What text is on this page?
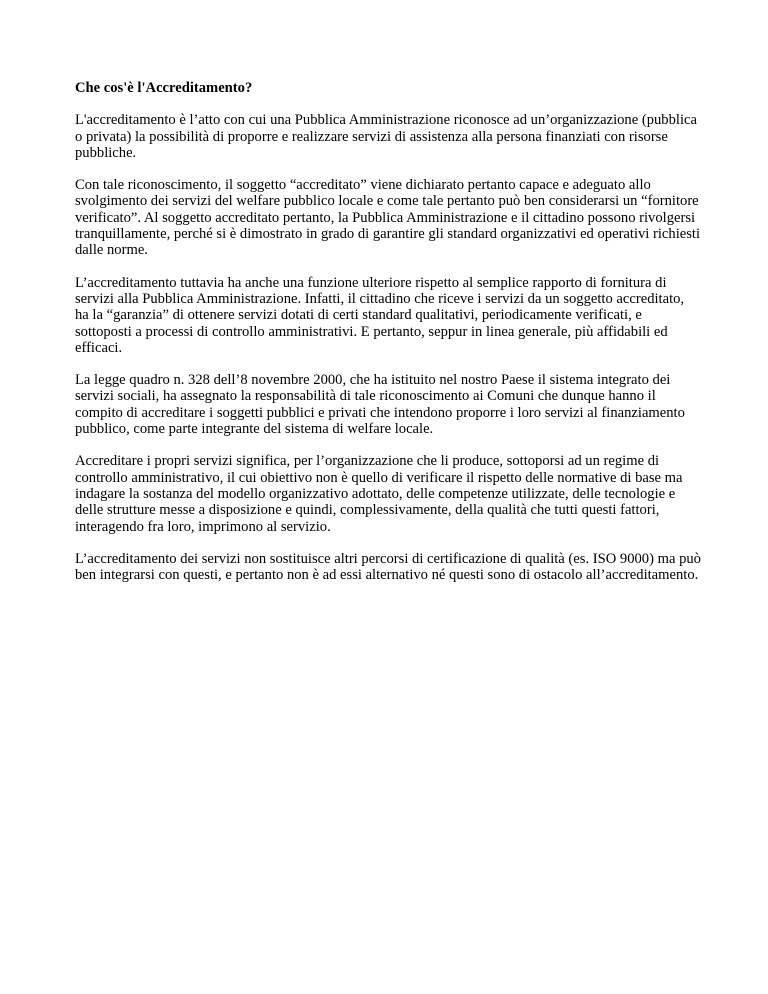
Che cos'è l'Accreditamento?

L'accreditamento è l’atto con cui una Pubblica Amministrazione riconosce ad un’organizzazione (pubblica o privata) la possibilità di proporre e realizzare servizi di assistenza alla persona finanziati con risorse pubbliche.

Con tale riconoscimento, il soggetto “accreditato” viene dichiarato pertanto capace e adeguato allo svolgimento dei servizi del welfare pubblico locale e come tale pertanto può ben considerarsi un “fornitore verificato”. Al soggetto accreditato pertanto, la Pubblica Amministrazione e il cittadino possono rivolgersi tranquillamente, perché si è dimostrato in grado di garantire gli standard organizzativi ed operativi richiesti dalle norme.

L’accreditamento tuttavia ha anche una funzione ulteriore rispetto al semplice rapporto di fornitura di servizi alla Pubblica Amministrazione. Infatti, il cittadino che riceve i servizi da un soggetto accreditato, ha la “garanzia” di ottenere servizi dotati di certi standard qualitativi, periodicamente verificati, e sottoposti a processi di controllo amministrativi. E pertanto, seppur in linea generale, più affidabili ed efficaci.

La legge quadro n. 328 dell’8 novembre 2000, che ha istituito nel nostro Paese il sistema integrato dei servizi sociali, ha assegnato la responsabilità di tale riconoscimento ai Comuni che dunque hanno il compito di accreditare i soggetti pubblici e privati che intendono proporre i loro servizi al finanziamento pubblico, come parte integrante del sistema di welfare locale.

Accreditare i propri servizi significa, per l’organizzazione che li produce, sottoporsi ad un regime di controllo amministrativo, il cui obiettivo non è quello di verificare il rispetto delle normative di base ma indagare la sostanza del modello organizzativo adottato, delle competenze utilizzate, delle tecnologie e delle strutture messe a disposizione e quindi, complessivamente, della qualità che tutti questi fattori, interagendo fra loro, imprimono al servizio.

L’accreditamento dei servizi non sostituisce altri percorsi di certificazione di qualità (es. ISO 9000) ma può ben integrarsi con questi, e pertanto non è ad essi alternativo né questi sono di ostacolo all’accreditamento.
